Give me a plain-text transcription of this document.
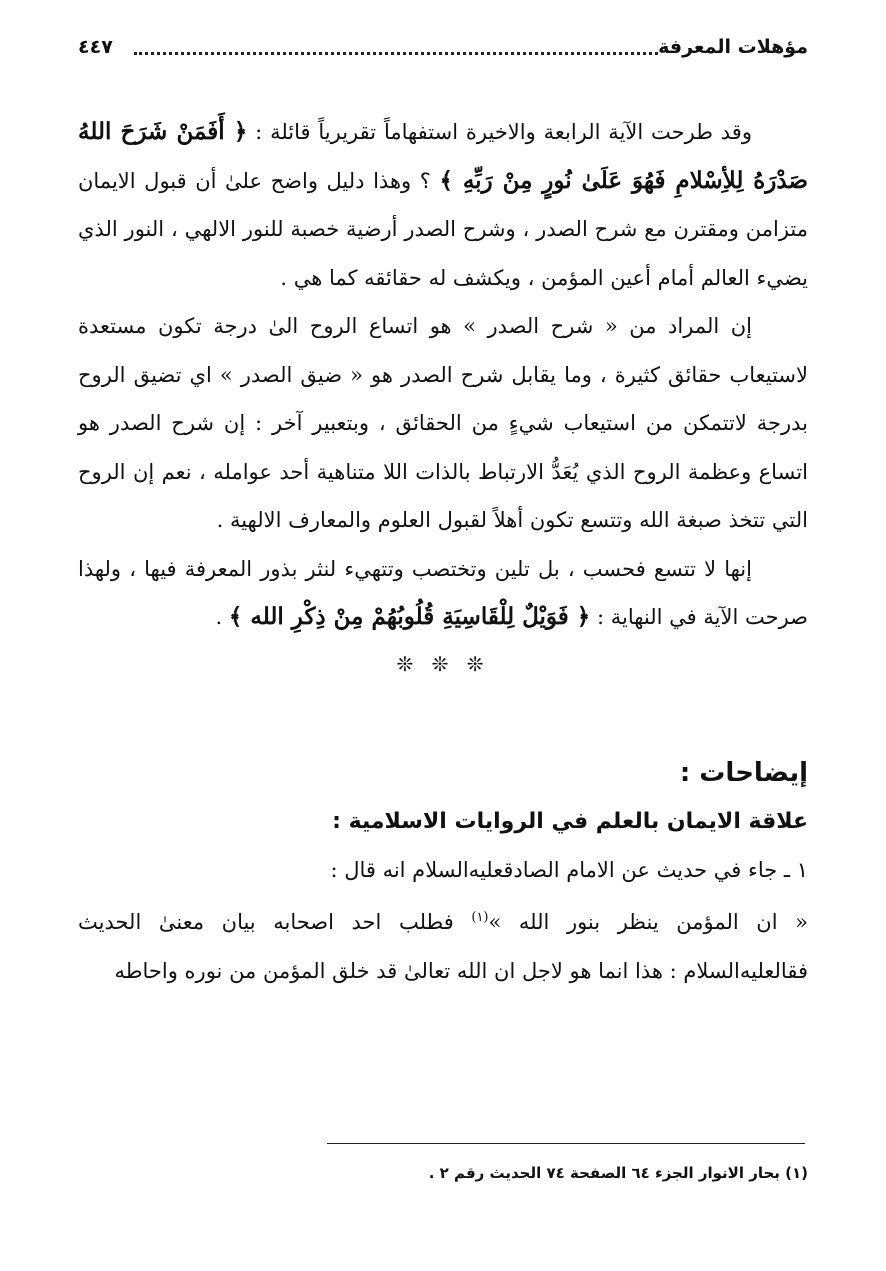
مؤهلات المعرفة
٤٤٧

وقد طرحت الآية الرابعة والاخيرة استفهاماً تقريرياً قائلة : ﴿ أَفَمَنْ شَرَحَ اللهُ صَدْرَهُ لِلأِسْلامِ فَهُوَ عَلَىٰ نُورٍ مِنْ رَبِّهِ ﴾ ؟ وهذا دليل واضح علىٰ أن قبول الايمان متزامن ومقترن مع شرح الصدر ، وشرح الصدر أرضية خصبة للنور الالهي ، النور الذي يضيء العالم أمام أعين المؤمن ، ويكشف له حقائقه كما هي .

إن المراد من « شرح الصدر » هو اتساع الروح الىٰ درجة تكون مستعدة لاستيعاب حقائق كثيرة ، وما يقابل شرح الصدر هو « ضيق الصدر » اي تضيق الروح بدرجة لاتتمكن من استيعاب شيءٍ من الحقائق ، وبتعبير آخر : إن شرح الصدر هو اتساع وعظمة الروح الذي يُعَدُّ الارتباط بالذات اللا متناهية أحد عوامله ، نعم إن الروح التي تتخذ صبغة الله وتتسع تكون أهلاً لقبول العلوم والمعارف الالهية .

إنها لا تتسع فحسب ، بل تلين وتختصب وتتهيء لنثر بذور المعرفة فيها ، ولهذا صرحت الآية في النهاية : ﴿ فَوَيْلٌ لِلْقَاسِيَةِ قُلُوبُهُمْ مِنْ ذِكْرِ الله ﴾ .

❊ ❊ ❊
إيضاحات :
علاقة الايمان بالعلم في الروايات الاسلامية :

١ ـ جاء في حديث عن الامام الصادقعليه‌السلام انه قال :

« ان المؤمن ينظر بنور الله »$^{(١)}$ فطلب احد اصحابه بيان معنىٰ الحديث فقالعليه‌السلام : هذا انما هو لاجل ان الله تعالىٰ قد خلق المؤمن من نوره واحاطه

(١) بحار الانوار الجزء ٦٤ الصفحة ٧٤ الحديث رقم ٢ .
